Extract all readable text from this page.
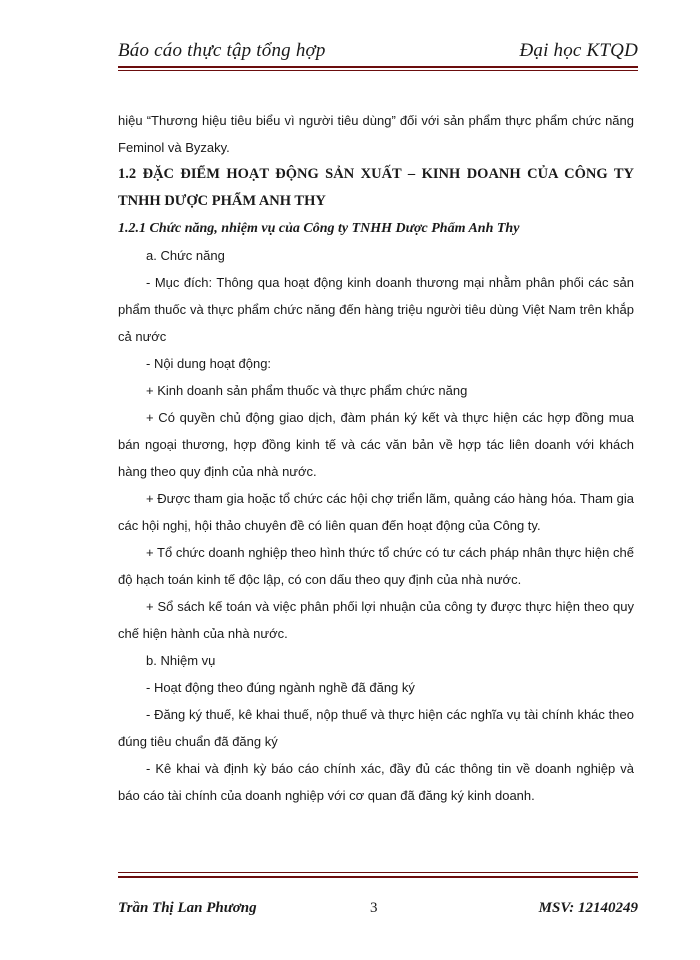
Báo cáo thực tập tổng hợp	Đại học KTQD

hiệu “Thương hiệu tiêu biểu vì người tiêu dùng” đối với sản phẩm thực phẩm chức năng Feminol và Byzaky.

1.2 ĐẶC ĐIỂM HOẠT ĐỘNG SẢN XUẤT – KINH DOANH CỦA CÔNG TY TNHH DƯỢC PHẨM ANH THY

1.2.1 Chức năng, nhiệm vụ của Công ty TNHH Dược Phẩm Anh Thy

a. Chức năng

- Mục đích: Thông qua hoạt động kinh doanh thương mại nhằm phân phối các sản phẩm thuốc và thực phẩm chức năng đến hàng triệu người tiêu dùng Việt Nam trên khắp cả nước

- Nội dung hoạt động:

+ Kinh doanh sản phẩm thuốc và thực phẩm chức năng

+ Có quyền chủ động giao dịch, đàm phán ký kết và thực hiện các hợp đồng mua bán ngoại thương, hợp đồng kinh tế và các văn bản về hợp tác liên doanh với khách hàng theo quy định của nhà nước.

+ Được tham gia hoặc tổ chức các hội chợ triển lãm, quảng cáo hàng hóa. Tham gia các hội nghị, hội thảo chuyên đề có liên quan đến hoạt động của Công ty.

+ Tổ chức doanh nghiệp theo hình thức tổ chức có tư cách pháp nhân thực hiện chế độ hạch toán kinh tế độc lập, có con dấu theo quy định của nhà nước.

+ Sổ sách kế toán và việc phân phối lợi nhuận của công ty được thực hiện theo quy chế hiện hành của nhà nước.

b. Nhiệm vụ

- Hoạt động theo đúng ngành nghề đã đăng ký

- Đăng ký thuế, kê khai thuế, nộp thuế và thực hiện các nghĩa vụ tài chính khác theo đúng tiêu chuẩn đã đăng ký

- Kê khai và định kỳ báo cáo chính xác, đầy đủ các thông tin về doanh nghiệp và báo cáo tài chính của doanh nghiệp với cơ quan đã đăng ký kinh doanh.

Trần Thị Lan Phương	3	MSV: 12140249
